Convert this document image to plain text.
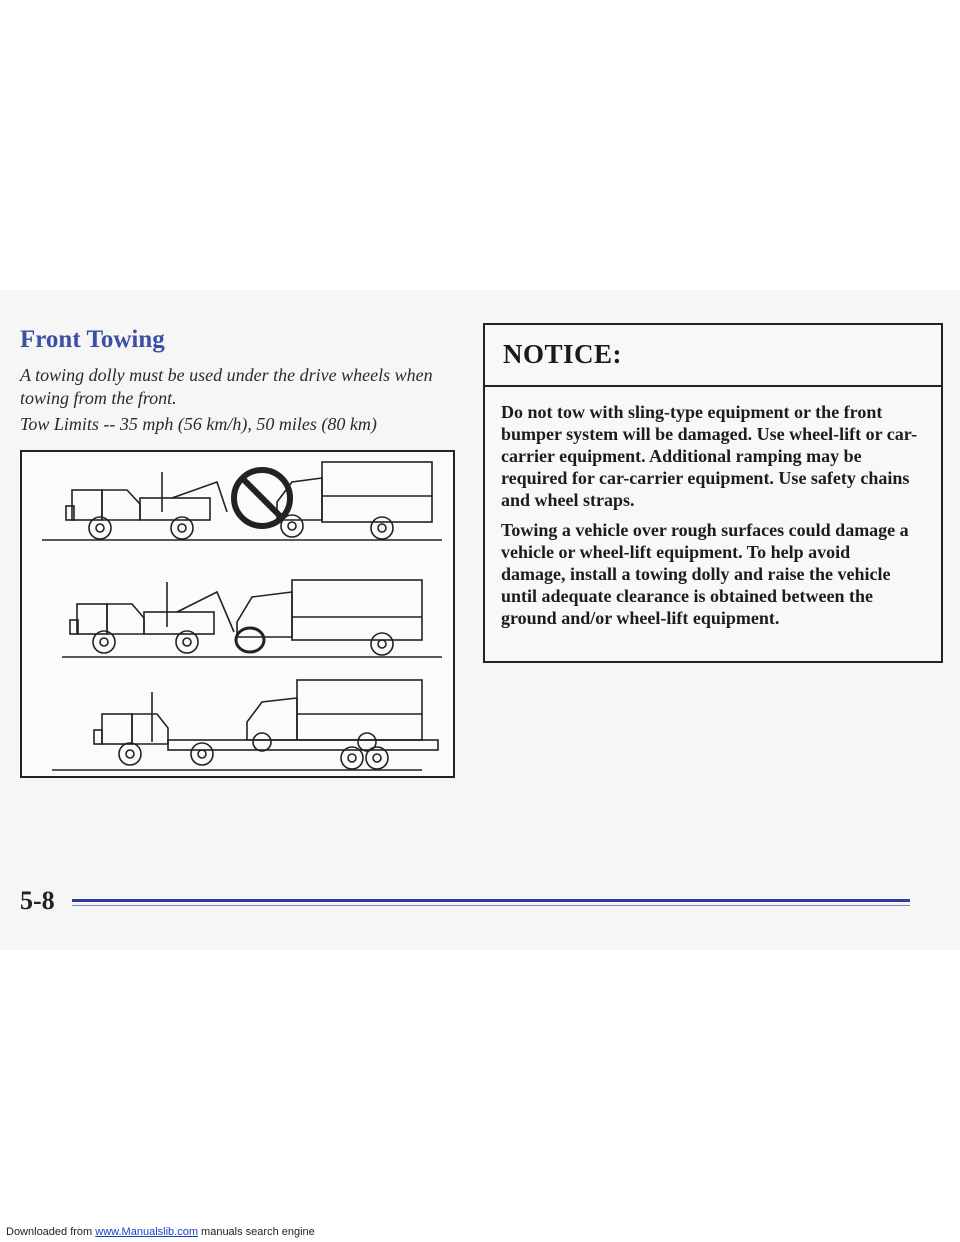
Front Towing

A towing dolly must be used under the drive wheels when towing from the front.

Tow Limits -- 35 mph (56 km/h), 50 miles (80 km)

NOTICE:

Do not tow with sling-type equipment or the front bumper system will be damaged. Use wheel-lift or car-carrier equipment. Additional ramping may be required for car-carrier equipment. Use safety chains and wheel straps.

Towing a vehicle over rough surfaces could damage a vehicle or wheel-lift equipment. To help avoid damage, install a towing dolly and raise the vehicle until adequate clearance is obtained between the ground and/or wheel-lift equipment.

5-8
Downloaded from www.Manualslib.com manuals search engine
